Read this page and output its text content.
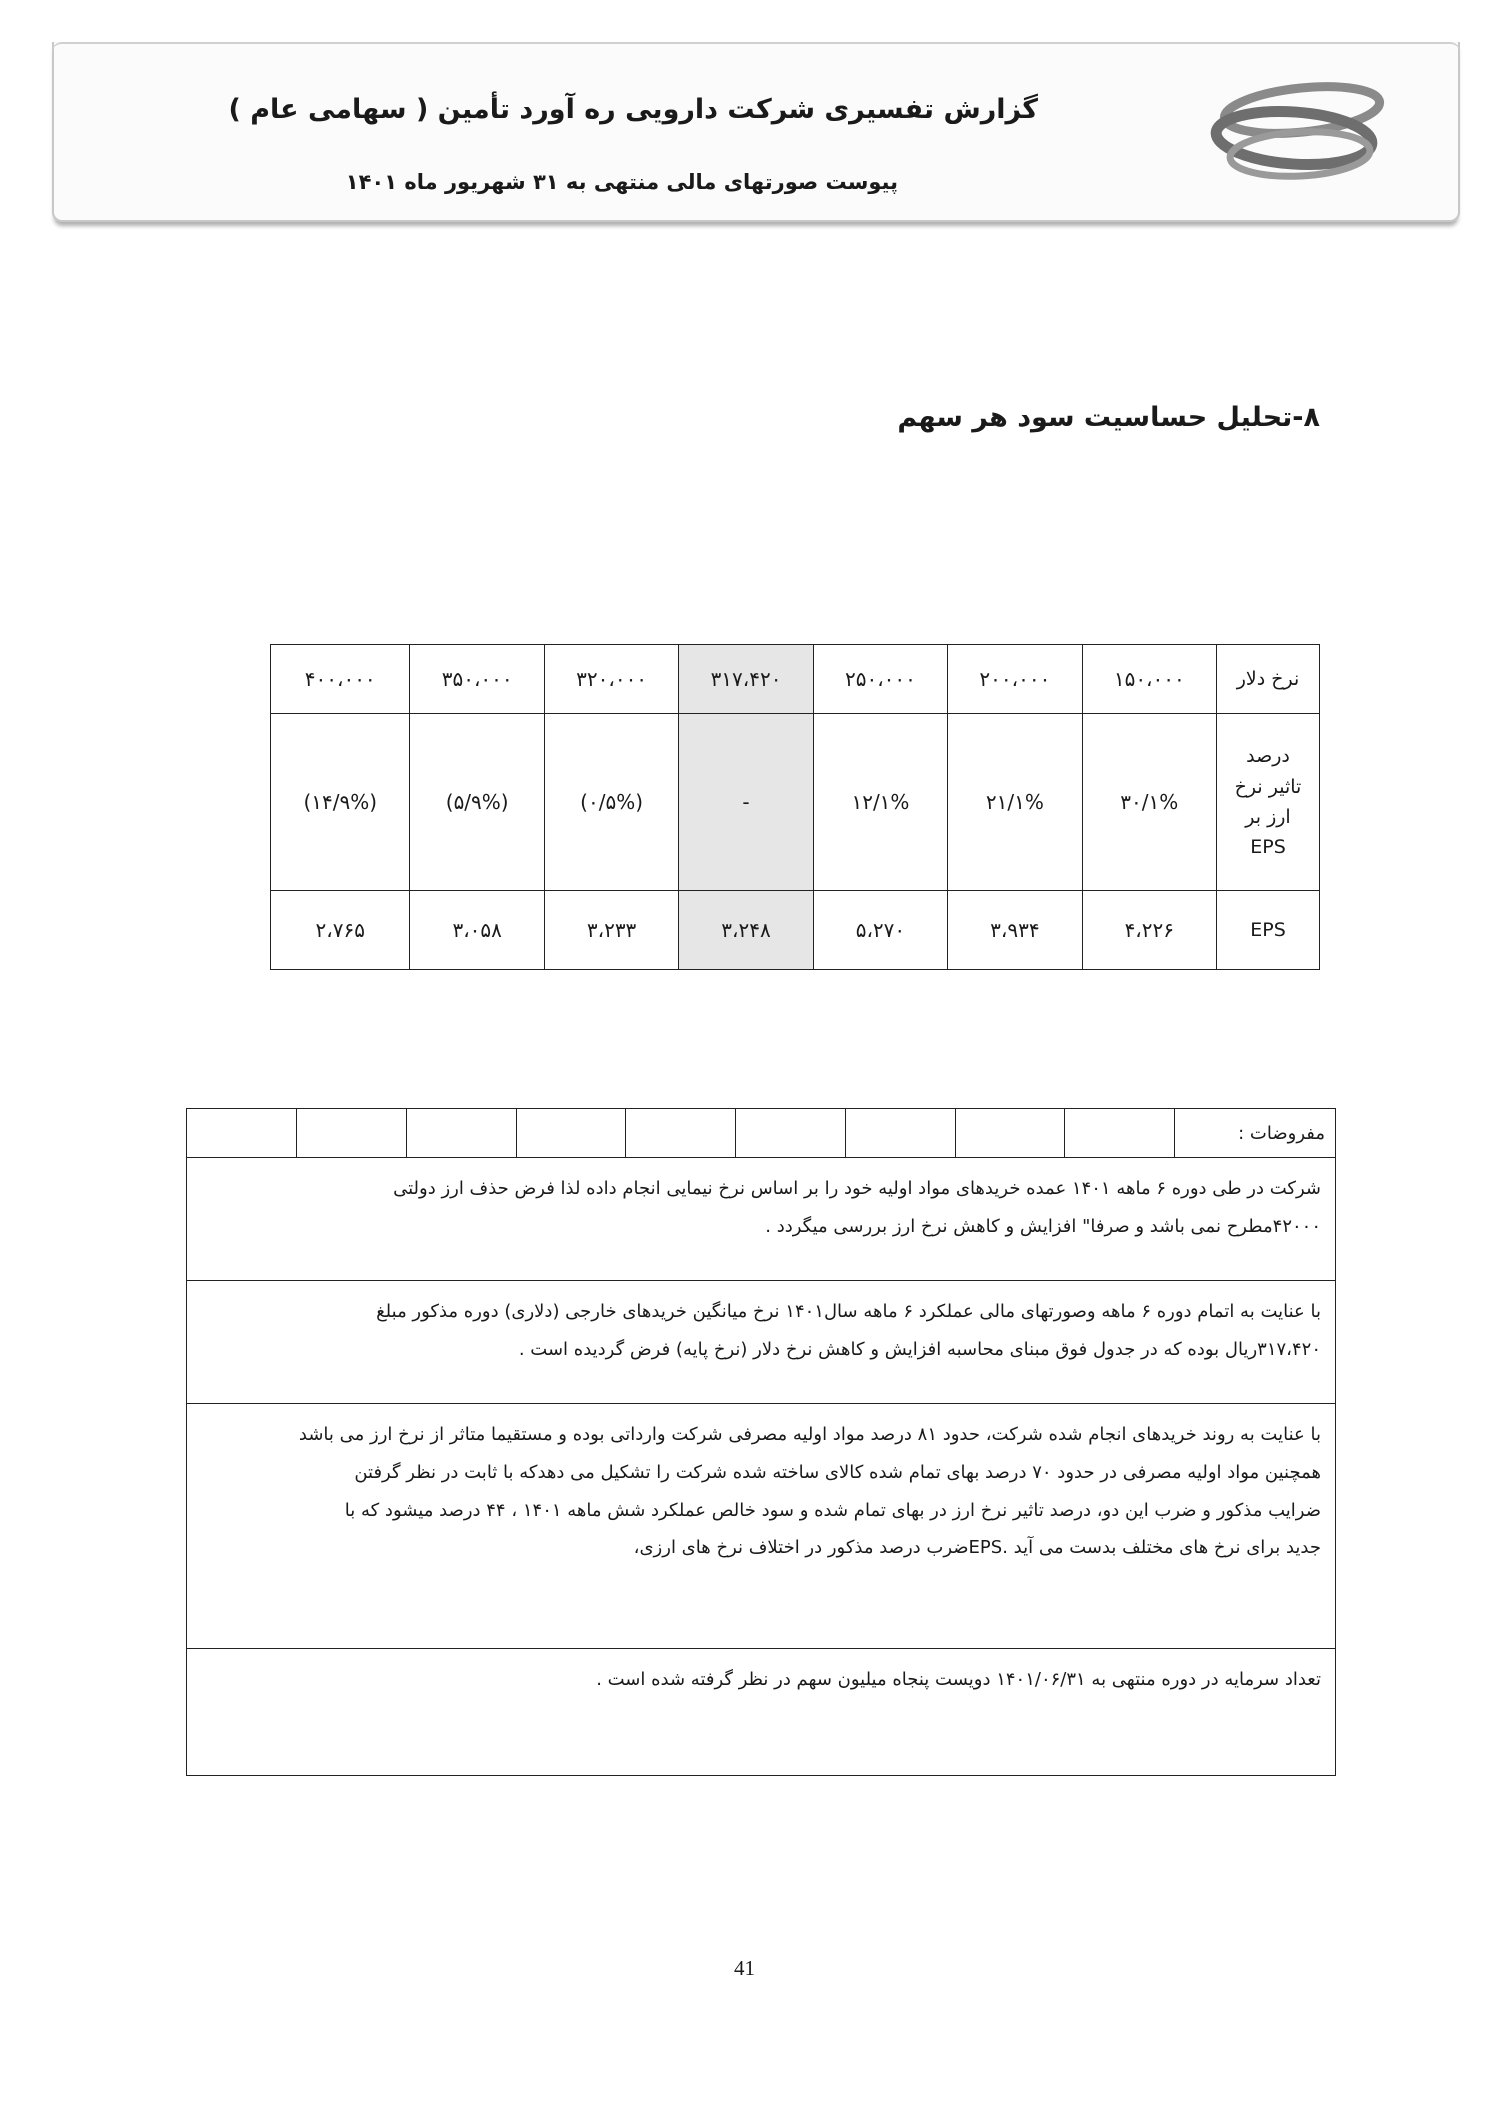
گزارش تفسیری شرکت دارویی ره آورد تأمین ( سهامی عام )
پیوست صورتهای مالی منتهی به ۳۱ شهریور ماه ۱۴۰۱
۸-تحلیل حساسیت سود هر سهم
نرخ دلار	۱۵۰،۰۰۰	۲۰۰،۰۰۰	۲۵۰،۰۰۰	۳۱۷،۴۲۰	۳۲۰،۰۰۰	۳۵۰،۰۰۰	۴۰۰،۰۰۰

درصد
تاثیر نرخ
ارز بر
EPS	۳۰/۱%	۲۱/۱%	۱۲/۱%	-	(۰/۵%)	(۵/۹%)	(۱۴/۹%)
EPS	۴،۲۲۶	۳،۹۳۴	۵،۲۷۰	۳،۲۴۸	۳،۲۳۳	۳،۰۵۸	۲،۷۶۵
مفروضات :									

شرکت در طی دوره ۶ ماهه ۱۴۰۱ عمده خریدهای مواد اولیه خود را بر اساس نرخ نیمایی انجام داده لذا فرض حذف ارز دولتی
۴۲۰۰۰مطرح نمی باشد و صرفا" افزایش و کاهش نرخ ارز بررسی میگردد .

با عنایت به اتمام دوره ۶ ماهه وصورتهای مالی عملکرد ۶ ماهه سال۱۴۰۱ نرخ میانگین خریدهای خارجی (دلاری) دوره مذکور مبلغ
۳۱۷،۴۲۰ریال بوده که در جدول فوق مبنای محاسبه افزایش و کاهش نرخ دلار (نرخ پایه) فرض گردیده است .

با عنایت به روند خریدهای انجام شده شرکت، حدود ۸۱ درصد مواد اولیه مصرفی شرکت وارداتی بوده و مستقیما متاثر از نرخ ارز می باشد
همچنین مواد اولیه مصرفی در حدود ۷۰ درصد بهای تمام شده کالای ساخته شده شرکت را تشکیل می دهدکه با ثابت در نظر گرفتن
ضرایب مذکور و ضرب این دو، درصد تاثیر نرخ ارز در بهای تمام شده و سود خالص عملکرد شش ماهه ۱۴۰۱ ، ۴۴ درصد میشود که با
جدید برای نرخ های مختلف بدست می آید .EPSضرب درصد مذکور در اختلاف نرخ های ارزی،

تعداد سرمایه در دوره منتهی به ۱۴۰۱/۰۶/۳۱ دویست پنجاه میلیون سهم در نظر گرفته شده است .
41
